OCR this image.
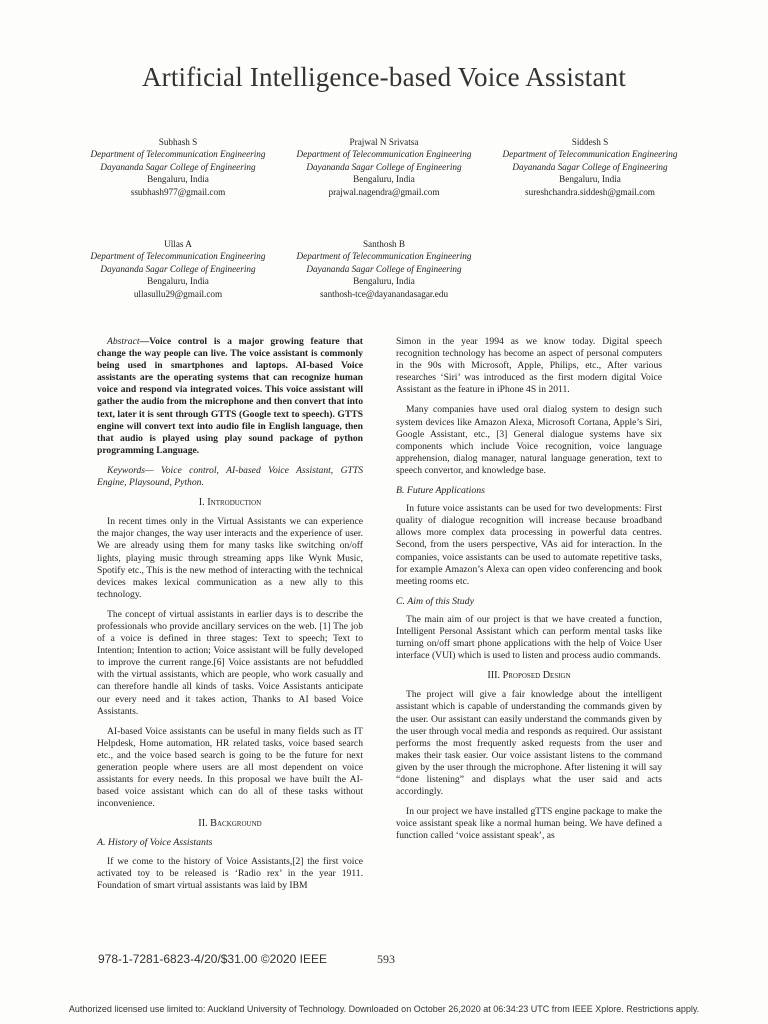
Artificial Intelligence-based Voice Assistant
Subhash S
Department of Telecommunication Engineering
Dayananda Sagar College of Engineering
Bengaluru, India
ssubhash977@gmail.com
Prajwal N Srivatsa
Department of Telecommunication Engineering
Dayananda Sagar College of Engineering
Bengaluru, India
prajwal.nagendra@gmail.com
Siddesh S
Department of Telecommunication Engineering
Dayananda Sagar College of Engineering
Bengaluru, India
sureshchandra.siddesh@gmail.com
Ullas A
Department of Telecommunication Engineering
Dayananda Sagar College of Engineering
Bengaluru, India
ullasullu29@gmail.com
Santhosh B
Department of Telecommunication Engineering
Dayananda Sagar College of Engineering
Bengaluru, India
santhosh-tce@dayanandasagar.edu

Abstract—Voice control is a major growing feature that change the way people can live. The voice assistant is commonly being used in smartphones and laptops. AI-based Voice assistants are the operating systems that can recognize human voice and respond via integrated voices. This voice assistant will gather the audio from the microphone and then convert that into text, later it is sent through GTTS (Google text to speech). GTTS engine will convert text into audio file in English language, then that audio is played using play sound package of python programming Language.

Keywords— Voice control, AI-based Voice Assistant, GTTS Engine, Playsound, Python.

I. Introduction

In recent times only in the Virtual Assistants we can experience the major changes, the way user interacts and the experience of user. We are already using them for many tasks like switching on/off lights, playing music through streaming apps like Wynk Music, Spotify etc., This is the new method of interacting with the technical devices makes lexical communication as a new ally to this technology.

The concept of virtual assistants in earlier days is to describe the professionals who provide ancillary services on the web. [1] The job of a voice is defined in three stages: Text to speech; Text to Intention; Intention to action; Voice assistant will be fully developed to improve the current range.[6] Voice assistants are not befuddled with the virtual assistants, which are people, who work casually and can therefore handle all kinds of tasks. Voice Assistants anticipate our every need and it takes action, Thanks to AI based Voice Assistants.

AI-based Voice assistants can be useful in many fields such as IT Helpdesk, Home automation, HR related tasks, voice based search etc., and the voice based search is going to be the future for next generation people where users are all most dependent on voice assistants for every needs. In this proposal we have built the AI-based voice assistant which can do all of these tasks without inconvenience.

II. Background
A. History of Voice Assistants

If we come to the history of Voice Assistants,[2] the first voice activated toy to be released is ‘Radio rex’ in the year 1911. Foundation of smart virtual assistants was laid by IBM

Simon in the year 1994 as we know today. Digital speech recognition technology has become an aspect of personal computers in the 90s with Microsoft, Apple, Philips, etc., After various researches ‘Siri’ was introduced as the first modern digital Voice Assistant as the feature in iPhone 4S in 2011.

Many companies have used oral dialog system to design such system devices like Amazon Alexa, Microsoft Cortana, Apple’s Siri, Google Assistant, etc., [3] General dialogue systems have six components which include Voice recognition, voice language apprehension, dialog manager, natural language generation, text to speech convertor, and knowledge base.

B. Future Applications

In future voice assistants can be used for two developments: First quality of dialogue recognition will increase because broadband allows more complex data processing in powerful data centres. Second, from the users perspective, VAs aid for interaction. In the companies, voice assistants can be used to automate repetitive tasks, for example Amazon’s Alexa can open video conferencing and book meeting rooms etc.

C. Aim of this Study

The main aim of our project is that we have created a function, Intelligent Personal Assistant which can perform mental tasks like turning on/off smart phone applications with the help of Voice User interface (VUI) which is used to listen and process audio commands.

III. Proposed Design

The project will give a fair knowledge about the intelligent assistant which is capable of understanding the commands given by the user. Our assistant can easily understand the commands given by the user through vocal media and responds as required. Our assistant performs the most frequently asked requests from the user and makes their task easier. Our voice assistant listens to the command given by the user through the microphone. After listening it will say “done listening” and displays what the user said and acts accordingly.

In our project we have installed gTTS engine package to make the voice assistant speak like a normal human being. We have defined a function called ‘voice assistant speak’, as

978-1-7281-6823-4/20/$31.00 ©2020 IEEE	593
Authorized licensed use limited to: Auckland University of Technology. Downloaded on October 26,2020 at 06:34:23 UTC from IEEE Xplore. Restrictions apply.
